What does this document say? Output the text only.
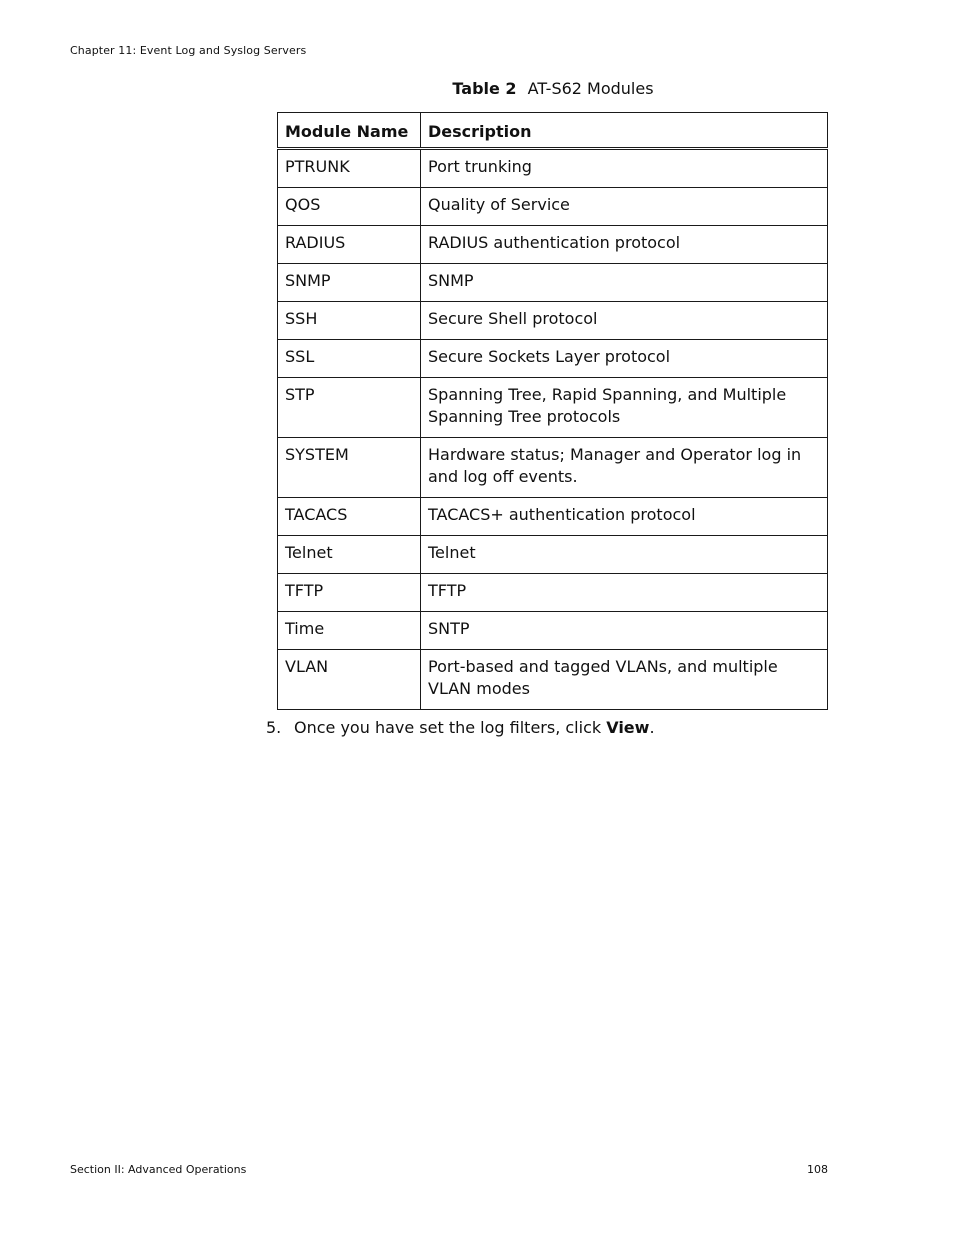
Chapter 11: Event Log and Syslog Servers
Table 2 AT-S62 Modules
Module Name	Description
PTRUNK	Port trunking
QOS	Quality of Service
RADIUS	RADIUS authentication protocol
SNMP	SNMP
SSH	Secure Shell protocol
SSL	Secure Sockets Layer protocol
STP	Spanning Tree, Rapid Spanning, and Multiple Spanning Tree protocols
SYSTEM	Hardware status; Manager and Operator log in and log off events.
TACACS	TACACS+ authentication protocol
Telnet	Telnet
TFTP	TFTP
Time	SNTP
VLAN	Port-based and tagged VLANs, and multiple VLAN modes
5. Once you have set the log filters, click View.
Section II: Advanced Operations	108
